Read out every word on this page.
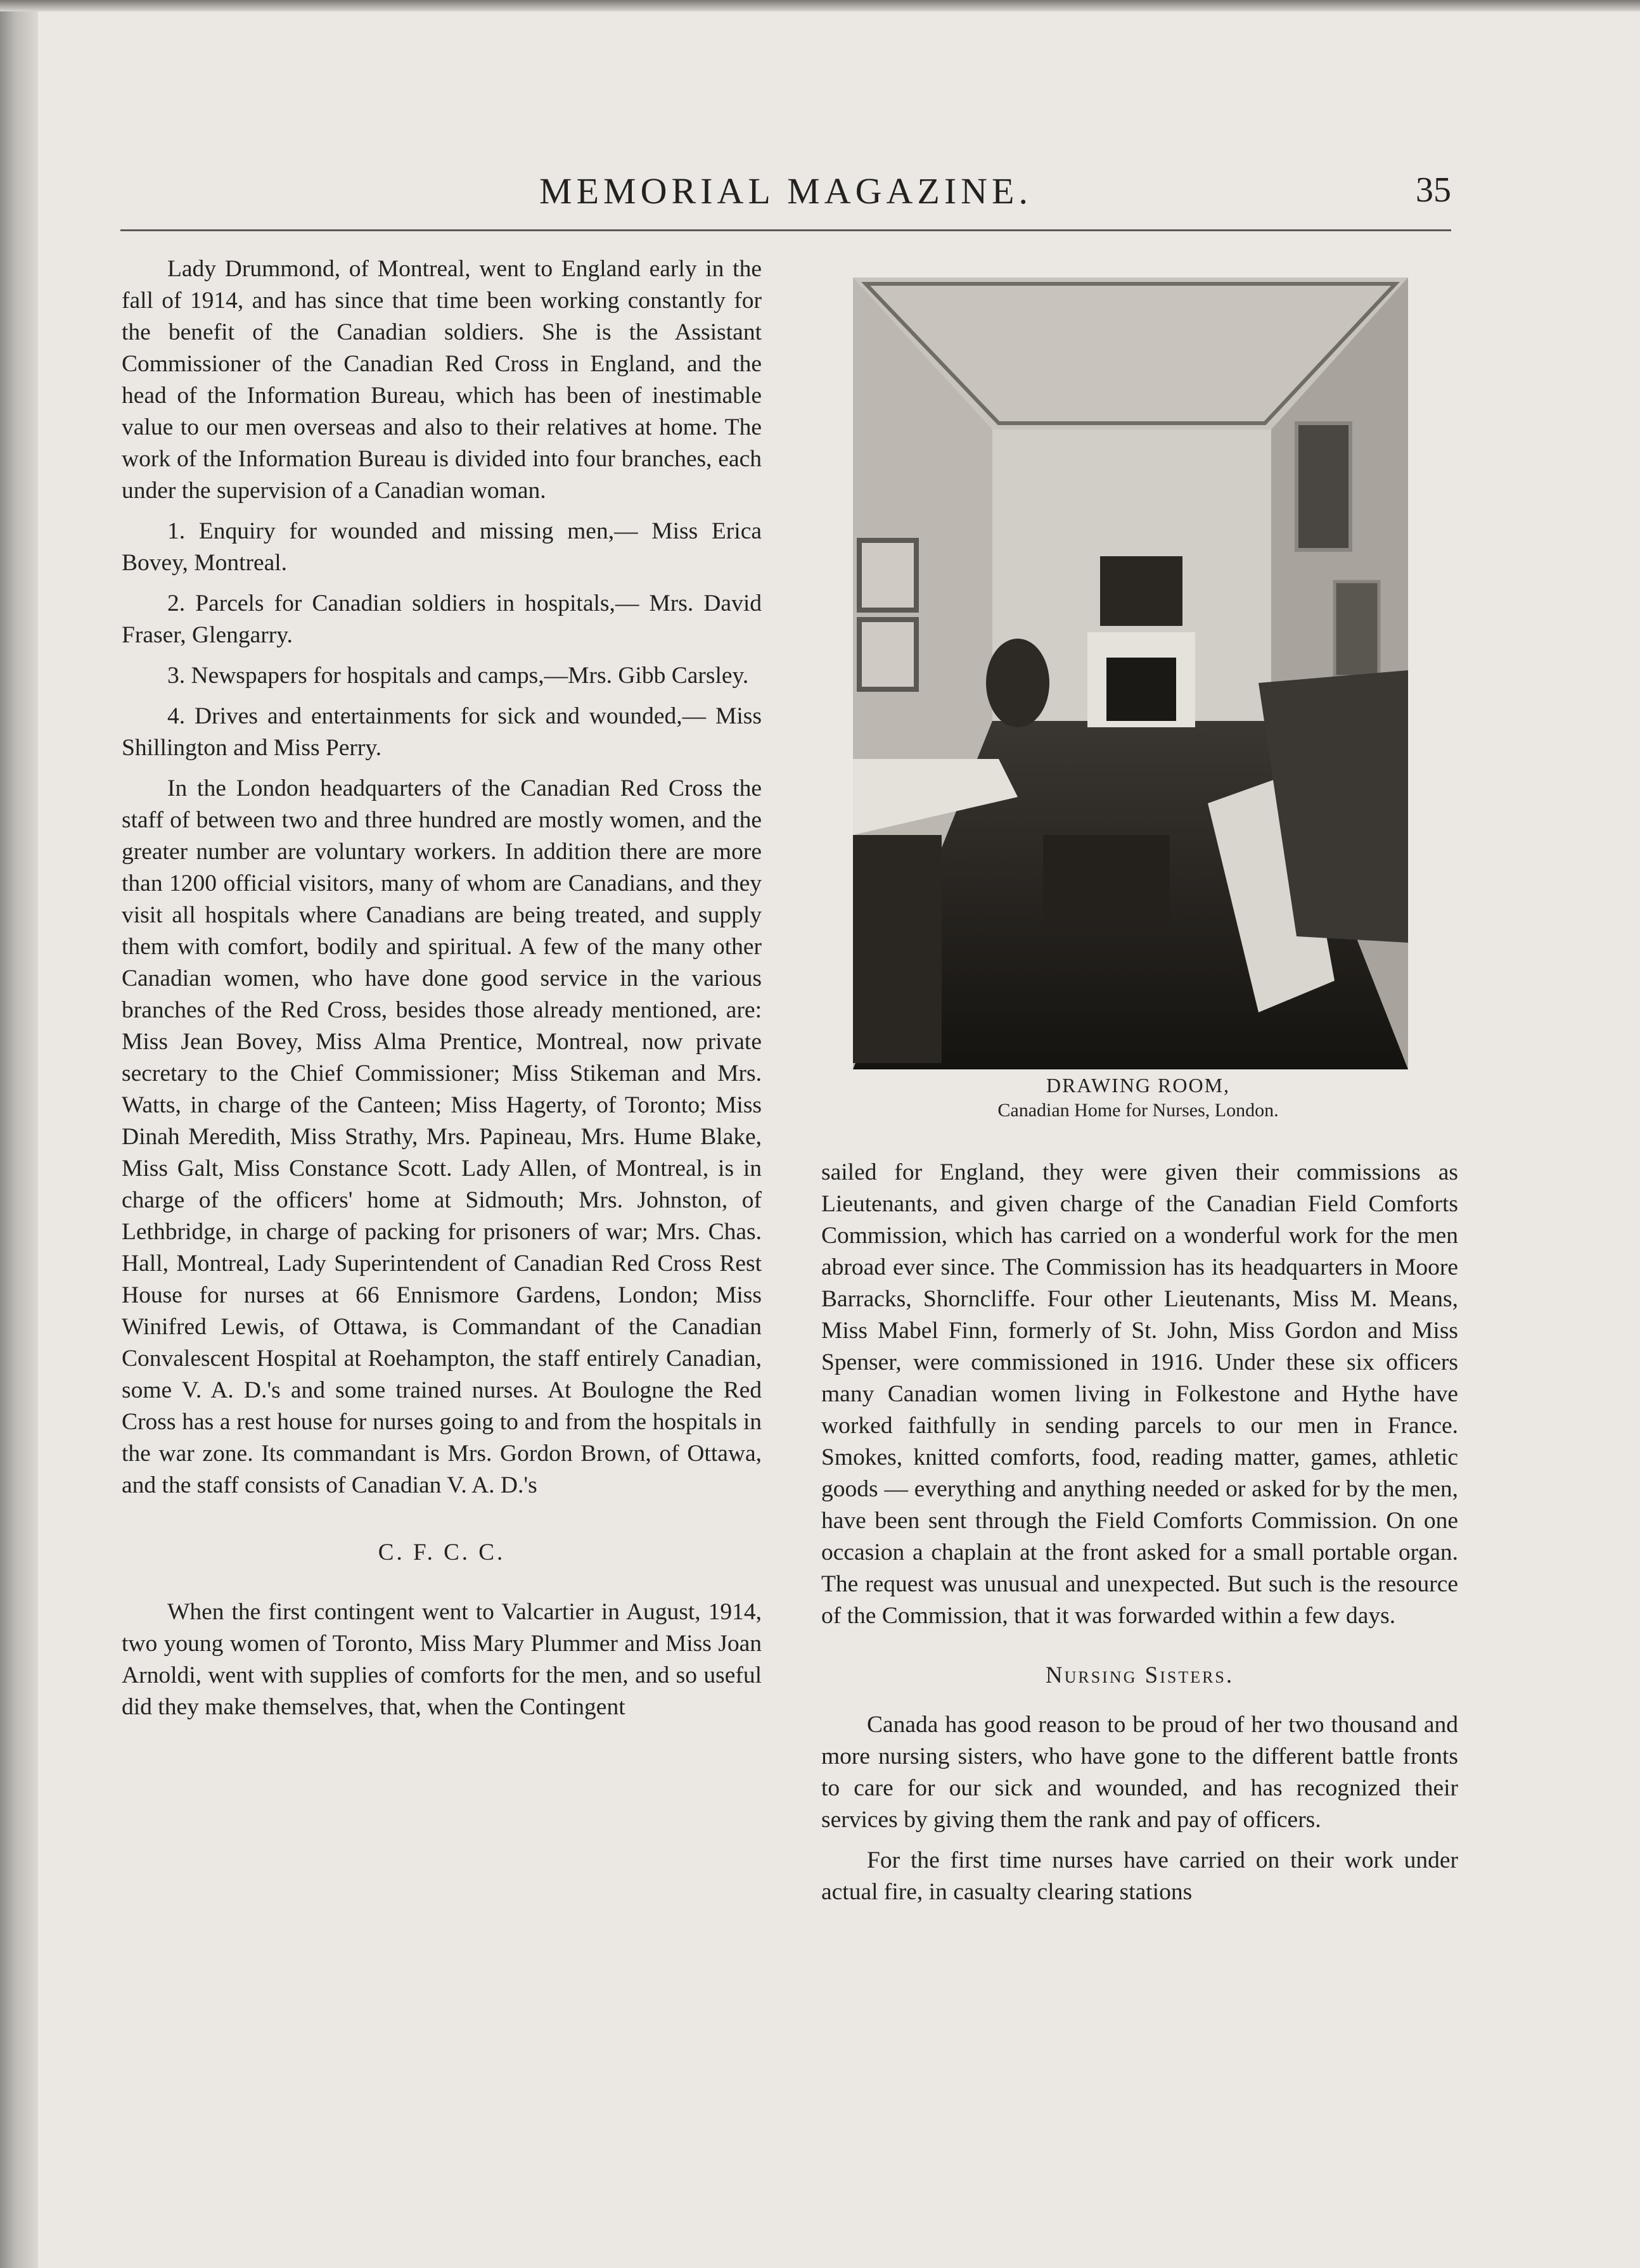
MEMORIAL MAGAZINE.	35

Lady Drummond, of Montreal, went to England early in the fall of 1914, and has since that time been working constantly for the benefit of the Canadian soldiers. She is the Assistant Commissioner of the Canadian Red Cross in England, and the head of the Information Bureau, which has been of inestimable value to our men overseas and also to their relatives at home. The work of the Information Bureau is divided into four branches, each under the supervision of a Canadian woman.

1. Enquiry for wounded and missing men,— Miss Erica Bovey, Montreal.

2. Parcels for Canadian soldiers in hospitals,— Mrs. David Fraser, Glengarry.

3. Newspapers for hospitals and camps,—Mrs. Gibb Carsley.

4. Drives and entertainments for sick and wounded,— Miss Shillington and Miss Perry.

In the London headquarters of the Canadian Red Cross the staff of between two and three hundred are mostly women, and the greater number are voluntary workers. In addition there are more than 1200 official visitors, many of whom are Canadians, and they visit all hospitals where Canadians are being treated, and supply them with comfort, bodily and spiritual. A few of the many other Canadian women, who have done good service in the various branches of the Red Cross, besides those already mentioned, are: Miss Jean Bovey, Miss Alma Prentice, Montreal, now private secretary to the Chief Commissioner; Miss Stikeman and Mrs. Watts, in charge of the Canteen; Miss Hagerty, of Toronto; Miss Dinah Meredith, Miss Strathy, Mrs. Papineau, Mrs. Hume Blake, Miss Galt, Miss Constance Scott. Lady Allen, of Montreal, is in charge of the officers' home at Sidmouth; Mrs. Johnston, of Lethbridge, in charge of packing for prisoners of war; Mrs. Chas. Hall, Montreal, Lady Superintendent of Canadian Red Cross Rest House for nurses at 66 Ennismore Gardens, London; Miss Winifred Lewis, of Ottawa, is Commandant of the Canadian Convalescent Hospital at Roehampton, the staff entirely Canadian, some V. A. D.'s and some trained nurses. At Boulogne the Red Cross has a rest house for nurses going to and from the hospitals in the war zone. Its commandant is Mrs. Gordon Brown, of Ottawa, and the staff consists of Canadian V. A. D.'s

C. F. C. C.

When the first contingent went to Valcartier in August, 1914, two young women of Toronto, Miss Mary Plummer and Miss Joan Arnoldi, went with supplies of comforts for the men, and so useful did they make themselves, that, when the Contingent

DRAWING ROOM,
Canadian Home for Nurses, London.

sailed for England, they were given their commissions as Lieutenants, and given charge of the Canadian Field Comforts Commission, which has carried on a wonderful work for the men abroad ever since. The Commission has its headquarters in Moore Barracks, Shorncliffe. Four other Lieutenants, Miss M. Means, Miss Mabel Finn, formerly of St. John, Miss Gordon and Miss Spenser, were commissioned in 1916. Under these six officers many Canadian women living in Folkestone and Hythe have worked faithfully in sending parcels to our men in France. Smokes, knitted comforts, food, reading matter, games, athletic goods — everything and anything needed or asked for by the men, have been sent through the Field Comforts Commission. On one occasion a chaplain at the front asked for a small portable organ. The request was unusual and unexpected. But such is the resource of the Commission, that it was forwarded within a few days.

Nursing Sisters.

Canada has good reason to be proud of her two thousand and more nursing sisters, who have gone to the different battle fronts to care for our sick and wounded, and has recognized their services by giving them the rank and pay of officers.

For the first time nurses have carried on their work under actual fire, in casualty clearing stations
